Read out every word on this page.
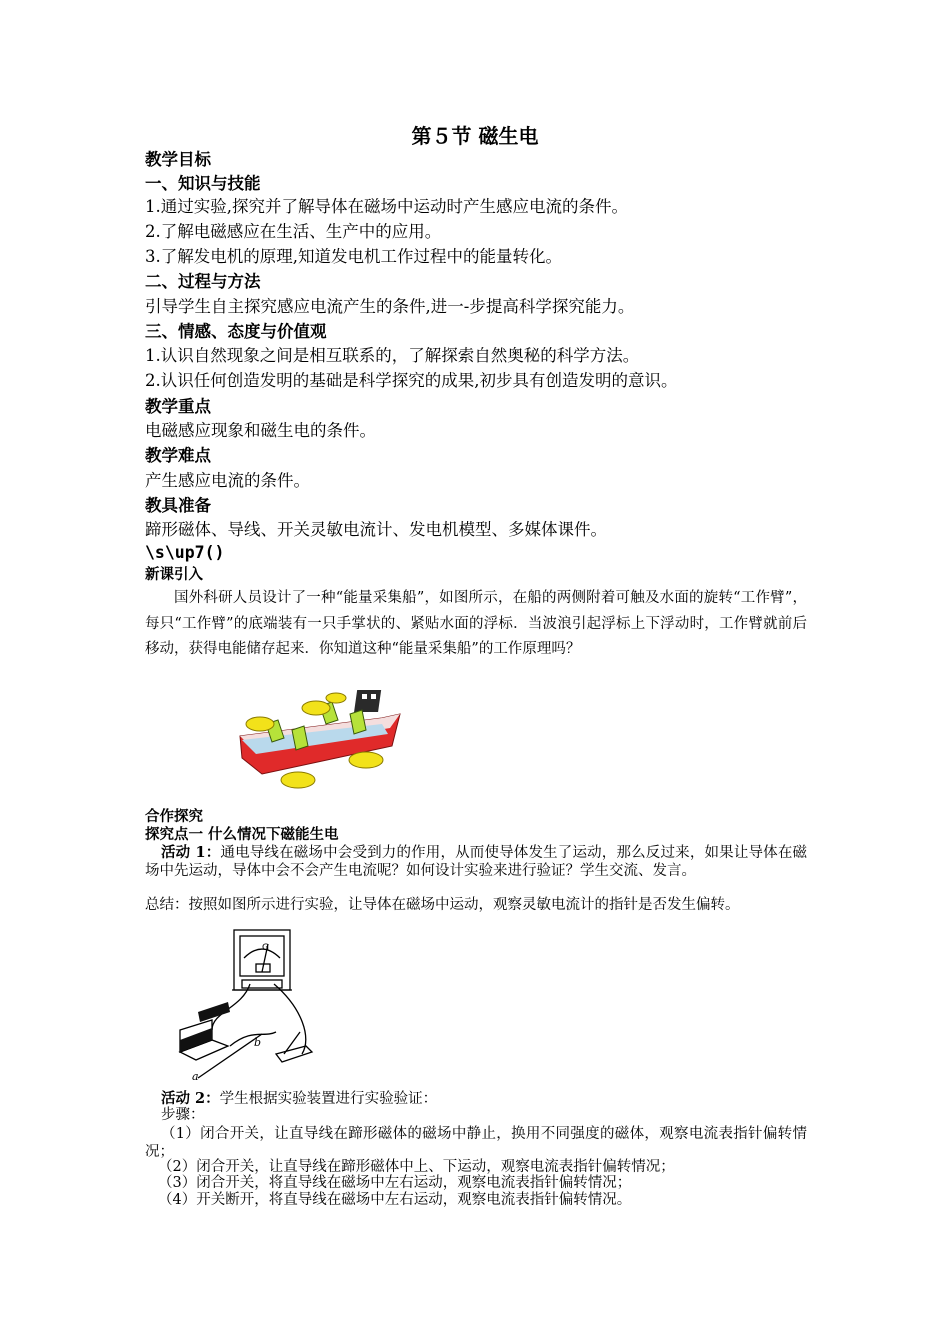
第５节 磁生电
教学目标
一、知识与技能
1.通过实验,探究并了解导体在磁场中运动时产生感应电流的条件。
2.了解电磁感应在生活、生产中的应用。
3.了解发电机的原理,知道发电机工作过程中的能量转化。
二、过程与方法
引导学生自主探究感应电流产生的条件,进一-步提高科学探究能力。
三、情感、态度与价值观
1.认识自然现象之间是相互联系的，了解探索自然奥秘的科学方法。
2.认识任何创造发明的基础是科学探究的成果,初步具有创造发明的意识。
教学重点
电磁感应现象和磁生电的条件。
教学难点
产生感应电流的条件。
教具准备
蹄形磁体、导线、开关灵敏电流计、发电机模型、多媒体课件。
\s\up7()
新课引入
国外科研人员设计了一种“能量采集船”，如图所示，在船的两侧附着可触及水面的旋转“工作臂”，每只“工作臂”的底端装有一只手掌状的、紧贴水面的浮标．当波浪引起浮标上下浮动时，工作臂就前后移动，获得电能储存起来．你知道这种“能量采集船”的工作原理吗？
合作探究
探究点一 什么情况下磁能生电
活动 1：通电导线在磁场中会受到力的作用，从而使导体发生了运动，那么反过来，如果让导体在磁场中先运动，导体中会不会产生电流呢？如何设计实验来进行验证？学生交流、发言。
总结：按照如图所示进行实验，让导体在磁场中运动，观察灵敏电流计的指针是否发生偏转。
G
b
a
活动 2：学生根据实验装置进行实验验证：
步骤：
（1）闭合开关，让直导线在蹄形磁体的磁场中静止，换用不同强度的磁体，观察电流表指针偏转情况；
（2）闭合开关，让直导线在蹄形磁体中上、下运动，观察电流表指针偏转情况；
（3）闭合开关，将直导线在磁场中左右运动，观察电流表指针偏转情况；
（4）开关断开，将直导线在磁场中左右运动，观察电流表指针偏转情况。
